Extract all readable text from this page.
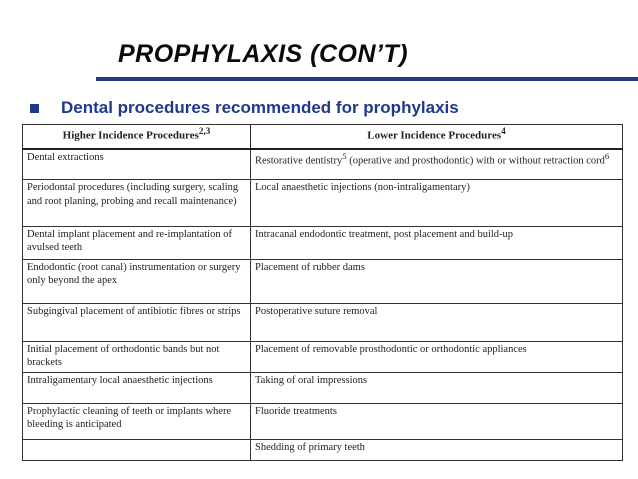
PROPHYLAXIS (CON’T)
Dental procedures recommended for prophylaxis
Higher Incidence Procedures$^{2,3}$	Lower Incidence Procedures$^4$
Dental extractions	Restorative dentistry$^5$ (operative and prosthodontic) with or without retraction cord$^6$
Periodontal procedures (including surgery, scaling and root planing, probing and recall maintenance)	Local anaesthetic injections (non-intraligamentary)
Dental implant placement and re-implantation of avulsed teeth	Intracanal endodontic treatment, post placement and build-up
Endodontic (root canal) instrumentation or surgery only beyond the apex	Placement of rubber dams
Subgingival placement of antibiotic fibres or strips	Postoperative suture removal
Initial placement of orthodontic bands but not brackets	Placement of removable prosthodontic or orthodontic appliances
Intraligamentary local anaesthetic injections	Taking of oral impressions
Prophylactic cleaning of teeth or implants where bleeding is anticipated	Fluoride treatments
	Shedding of primary teeth
